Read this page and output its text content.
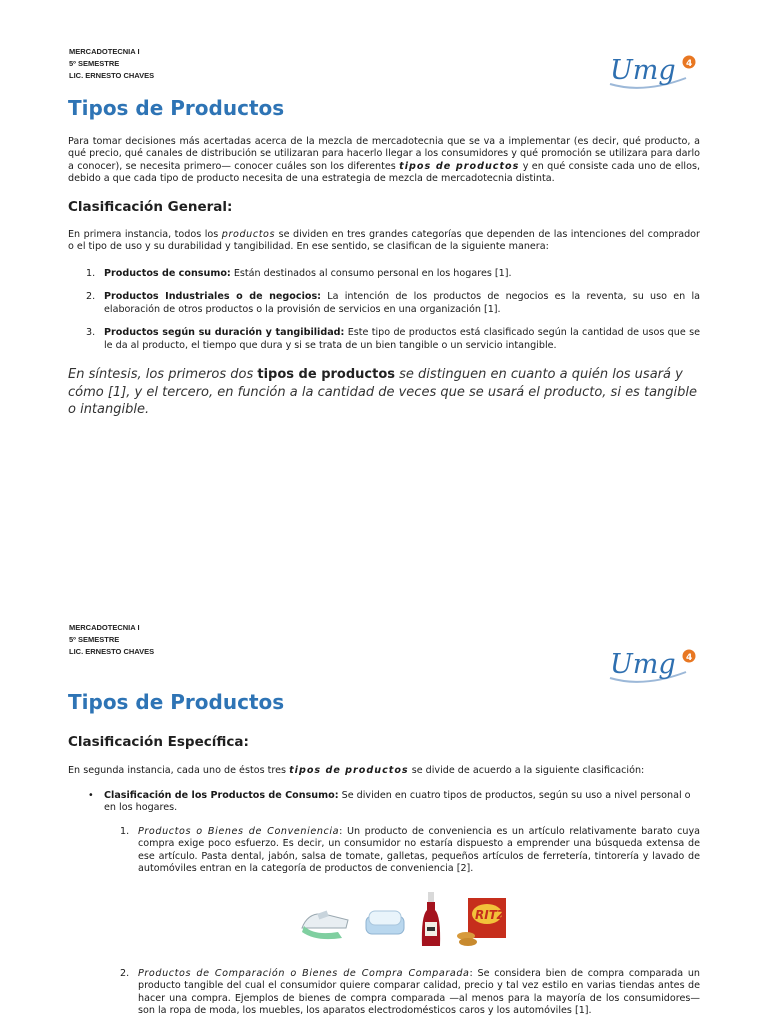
MERCADOTECNIA I
5º SEMESTRE
LIC. ERNESTO CHAVES	Umg 4
Tipos de Productos

Para tomar decisiones más acertadas acerca de la mezcla de mercadotecnia que se va a implementar (es decir, qué producto, a qué precio, qué canales de distribución se utilizaran para hacerlo llegar a los consumidores y qué promoción se utilizara para darlo a conocer), se necesita primero— conocer cuáles son los diferentes tipos de productos y en qué consiste cada uno de ellos, debido a que cada tipo de producto necesita de una estrategia de mezcla de mercadotecnia distinta.

Clasificación General:

En primera instancia, todos los productos se dividen en tres grandes categorías que dependen de las intenciones del comprador o el tipo de uso y su durabilidad y tangibilidad. En ese sentido, se clasifican de la siguiente manera:

1. Productos de consumo: Están destinados al consumo personal en los hogares [1].
2. Productos Industriales o de negocios: La intención de los productos de negocios es la reventa, su uso en la elaboración de otros productos o la provisión de servicios en una organización [1].
3. Productos según su duración y tangibilidad: Este tipo de productos está clasificado según la cantidad de usos que se le da al producto, el tiempo que dura y si se trata de un bien tangible o un servicio intangible.

En síntesis, los primeros dos tipos de productos se distinguen en cuanto a quién los usará y cómo [1], y el tercero, en función a la cantidad de veces que se usará el producto, si es tangible o intangible.

MERCADOTECNIA I
5º SEMESTRE
LIC. ERNESTO CHAVES	Umg 4
Tipos de Productos
Clasificación Específica:

En segunda instancia, cada uno de éstos tres tipos de productos se divide de acuerdo a la siguiente clasificación:

• Clasificación de los Productos de Consumo: Se dividen en cuatro tipos de productos, según su uso a nivel personal o en los hogares.
1. Productos o Bienes de Conveniencia: Un producto de conveniencia es un artículo relativamente barato cuya compra exige poco esfuerzo. Es decir, un consumidor no estaría dispuesto a emprender una búsqueda extensa de ese artículo. Pasta dental, jabón, salsa de tomate, galletas, pequeños artículos de ferretería, tintorería y lavado de automóviles entran en la categoría de productos de conveniencia [2].
RITZ
2. Productos de Comparación o Bienes de Compra Comparada: Se considera bien de compra comparada un producto tangible del cual el consumidor quiere comparar calidad, precio y tal vez estilo en varias tiendas antes de hacer una compra. Ejemplos de bienes de compra comparada —al menos para la mayoría de los consumidores— son la ropa de moda, los muebles, los aparatos electrodomésticos caros y los automóviles [1].
